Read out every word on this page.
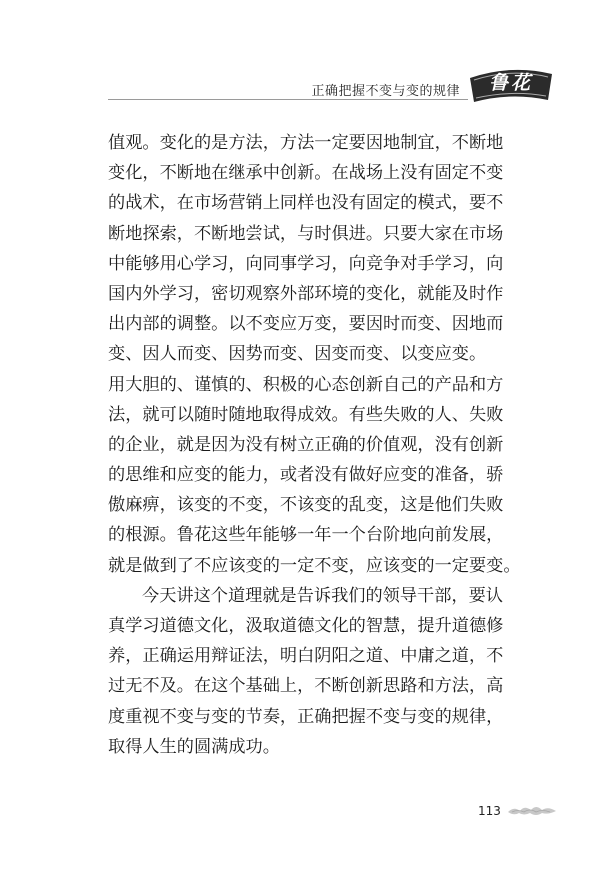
正确把握不变与变的规律	鲁花
值观。变化的是方法，方法一定要因地制宜，不断地
变化，不断地在继承中创新。在战场上没有固定不变
的战术，在市场营销上同样也没有固定的模式，要不
断地探索，不断地尝试，与时俱进。只要大家在市场
中能够用心学习，向同事学习，向竞争对手学习，向
国内外学习，密切观察外部环境的变化，就能及时作
出内部的调整。以不变应万变，要因时而变、因地而
变、因人而变、因势而变、因变而变、以变应变。
用大胆的、谨慎的、积极的心态创新自己的产品和方
法，就可以随时随地取得成效。有些失败的人、失败
的企业，就是因为没有树立正确的价值观，没有创新
的思维和应变的能力，或者没有做好应变的准备，骄
傲麻痹，该变的不变，不该变的乱变，这是他们失败
的根源。鲁花这些年能够一年一个台阶地向前发展，
就是做到了不应该变的一定不变，应该变的一定要变。
今天讲这个道理就是告诉我们的领导干部，要认
真学习道德文化，汲取道德文化的智慧，提升道德修
养，正确运用辩证法，明白阴阳之道、中庸之道，不
过无不及。在这个基础上，不断创新思路和方法，高
度重视不变与变的节奏，正确把握不变与变的规律，
取得人生的圆满成功。
113
